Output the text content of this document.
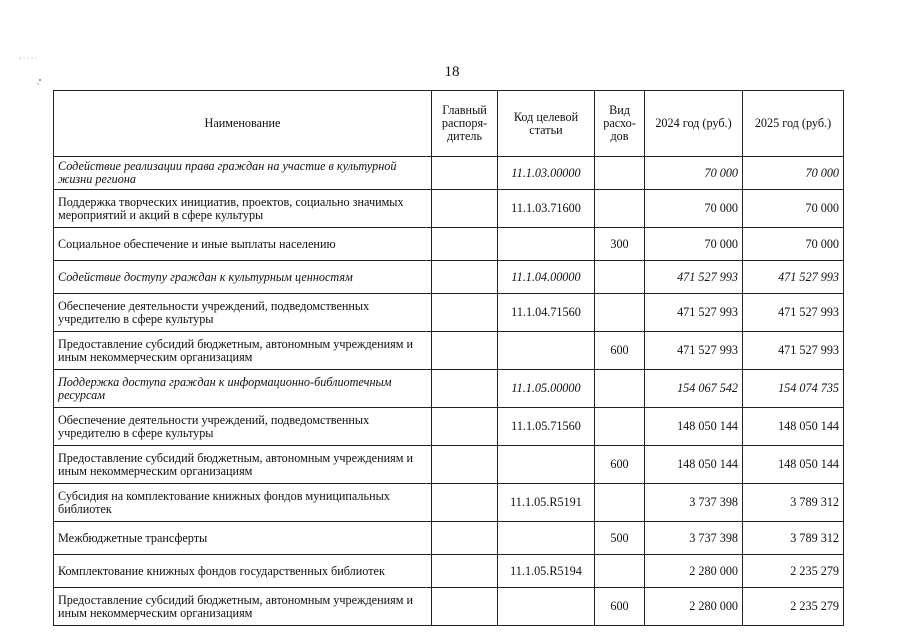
18
Наименование	Главный распоря- дитель	Код целевой статьи	Вид расхо- дов	2024 год (руб.)	2025 год (руб.)
Содействие реализации права граждан на участие в культурной жизни региона		11.1.03.00000		70 000	70 000
Поддержка творческих инициатив, проектов, социально значимых мероприятий и акций в сфере культуры		11.1.03.71600		70 000	70 000
Социальное обеспечение и иные выплаты населению			300	70 000	70 000
Содействие доступу граждан к культурным ценностям		11.1.04.00000		471 527 993	471 527 993
Обеспечение деятельности учреждений, подведомственных учредителю в сфере культуры		11.1.04.71560		471 527 993	471 527 993
Предоставление субсидий бюджетным, автономным учреждениям и иным некоммерческим организациям			600	471 527 993	471 527 993
Поддержка доступа граждан к информационно-библиотечным ресурсам		11.1.05.00000		154 067 542	154 074 735
Обеспечение деятельности учреждений, подведомственных учредителю в сфере культуры		11.1.05.71560		148 050 144	148 050 144
Предоставление субсидий бюджетным, автономным учреждениям и иным некоммерческим организациям			600	148 050 144	148 050 144
Субсидия на комплектование книжных фондов муниципальных библиотек		11.1.05.R5191		3 737 398	3 789 312
Межбюджетные трансферты			500	3 737 398	3 789 312
Комплектование книжных фондов государственных библиотек		11.1.05.R5194		2 280 000	2 235 279
Предоставление субсидий бюджетным, автономным учреждениям и иным некоммерческим организациям			600	2 280 000	2 235 279
